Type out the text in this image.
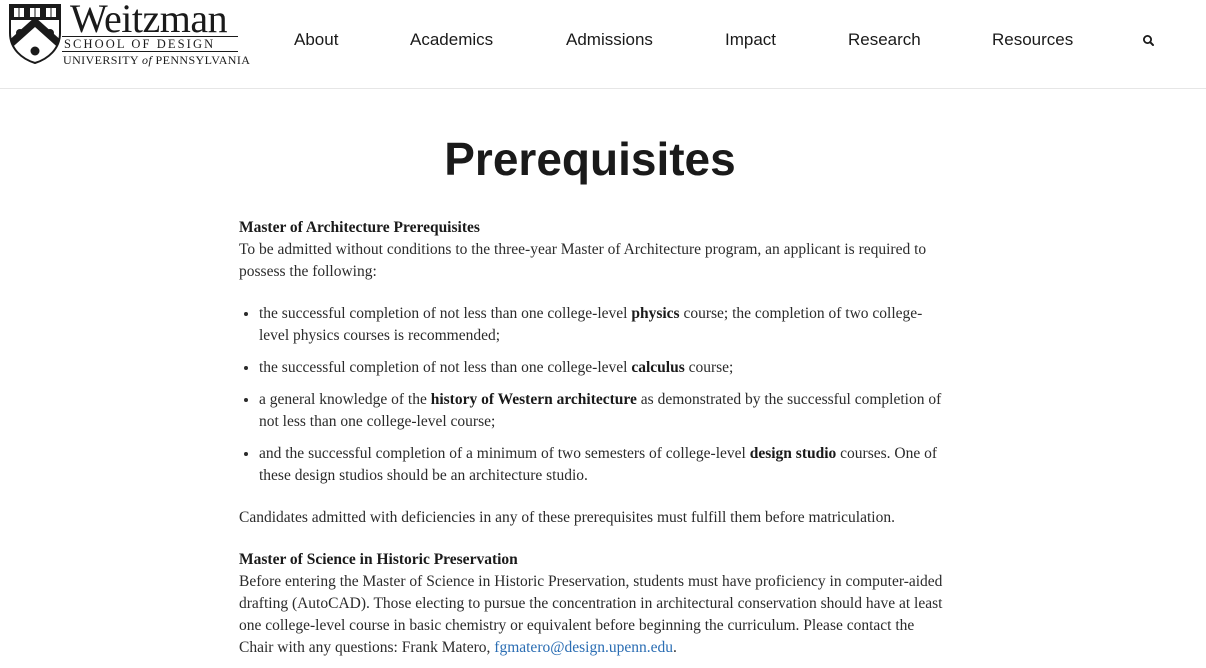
Weitzman
SCHOOL OF DESIGN
UNIVERSITY of PENNSYLVANIA
About	Academics	Admissions	Impact	Research	Resources
Prerequisites

Master of Architecture Prerequisites
To be admitted without conditions to the three-year Master of Architecture program, an applicant is required to possess the following:

• the successful completion of not less than one college-level physics course; the completion of two college-level physics courses is recommended;
• the successful completion of not less than one college-level calculus course;
• a general knowledge of the history of Western architecture as demonstrated by the successful completion of not less than one college-level course;
• and the successful completion of a minimum of two semesters of college-level design studio courses. One of these design studios should be an architecture studio.

Candidates admitted with deficiencies in any of these prerequisites must fulfill them before matriculation.

Master of Science in Historic Preservation
Before entering the Master of Science in Historic Preservation, students must have proficiency in computer-aided drafting (AutoCAD). Those electing to pursue the concentration in architectural conservation should have at least one college-level course in basic chemistry or equivalent before beginning the curriculum. Please contact the Chair with any questions: Frank Matero, fgmatero@design.upenn.edu.
